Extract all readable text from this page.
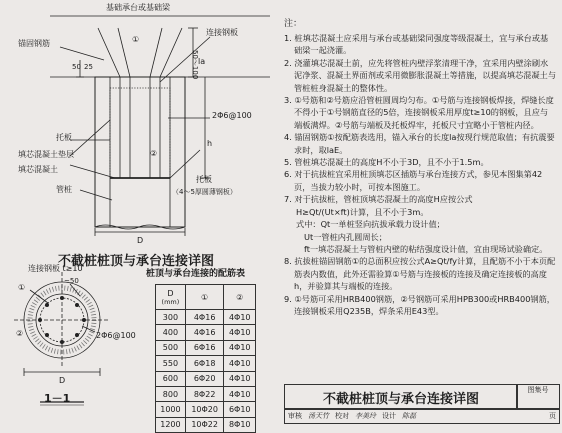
基础承台或基础梁
锚固钢筋
连接钢板
50～100
2Φ6@100
托板
填芯混凝土垫层
填芯混凝土
管桩
托板
（4～5厚圆薄钢板）
①
②
la
h
50 25
D
不截桩桩顶与承台连接详图
连接钢板 t≥10
~50
2Φ6@100
①
②
D
1－1
桩顶与承台连接的配筋表
D
(mm)	①	②
300	4Φ16	4Φ10
400	4Φ16	4Φ10
500	6Φ16	4Φ10
550	6Φ18	4Φ10
600	6Φ20	4Φ10
800	8Φ22	4Φ10
1000	10Φ20	6Φ10
1200	10Φ22	8Φ10
注：

1. 桩填芯混凝土应采用与承台或基础梁同强度等级混凝土，宜与承台或基础梁一起浇灌。

2. 浇灌填芯混凝土前，应先将管桩内壁浮浆清理干净，宜采用内壁涂刷水泥净浆、混凝土界面剂或采用微膨胀混凝土等措施，以提高填芯混凝土与管桩桩身混凝土的整体性。

3. ①号筋和②号筋应沿管桩圆周均匀布。①号筋与连接钢板焊接，焊缝长度不得小于①号钢筋直径的5倍，连接钢板采用厚度t≥10的钢板，且应与端板满焊。②号筋与端板及托板焊牢，托板尺寸宜略小于管桩内径。

4. 锚固钢筋①按配筋表选用，锚入承台的长度la按现行规范取值；有抗震要求时，取laE。

5. 管桩填芯混凝土的高度H不小于3D，且不小于1.5m。

6. 对于抗拔桩宜采用桩顶填芯区插筋与承台连接方式，参见本图集第42页，当拔力较小时，可按本图施工。

7. 对于抗拔桩，管桩顶填芯混凝土的高度H应按公式

H≥Qt/(Ut×ft)计算，且不小于3m。

式中：Qt一单桩竖向抗拔承载力设计值；

Ut一管桩内孔圆周长；

ft一填芯混凝土与管桩内壁的粘结强度设计值，宜由现场试验确定。

8. 抗拔桩锚固钢筋①的总面积应按公式A≥Qt/fy计算，且配筋不小于本页配筋表内数值，此外还需验算①号筋与连接板的连接及确定连接板的高度h，并验算其与端板的连接。

9. ①号筋可采用HRB400钢筋，②号钢筋可采用HPB300或HRB400钢筋，连接钢板采用Q235B，焊条采用E43型。

不截桩桩顶与承台连接详图
图集号
审核 汤天竹 校对 李美玲 设计 陈磊	页
